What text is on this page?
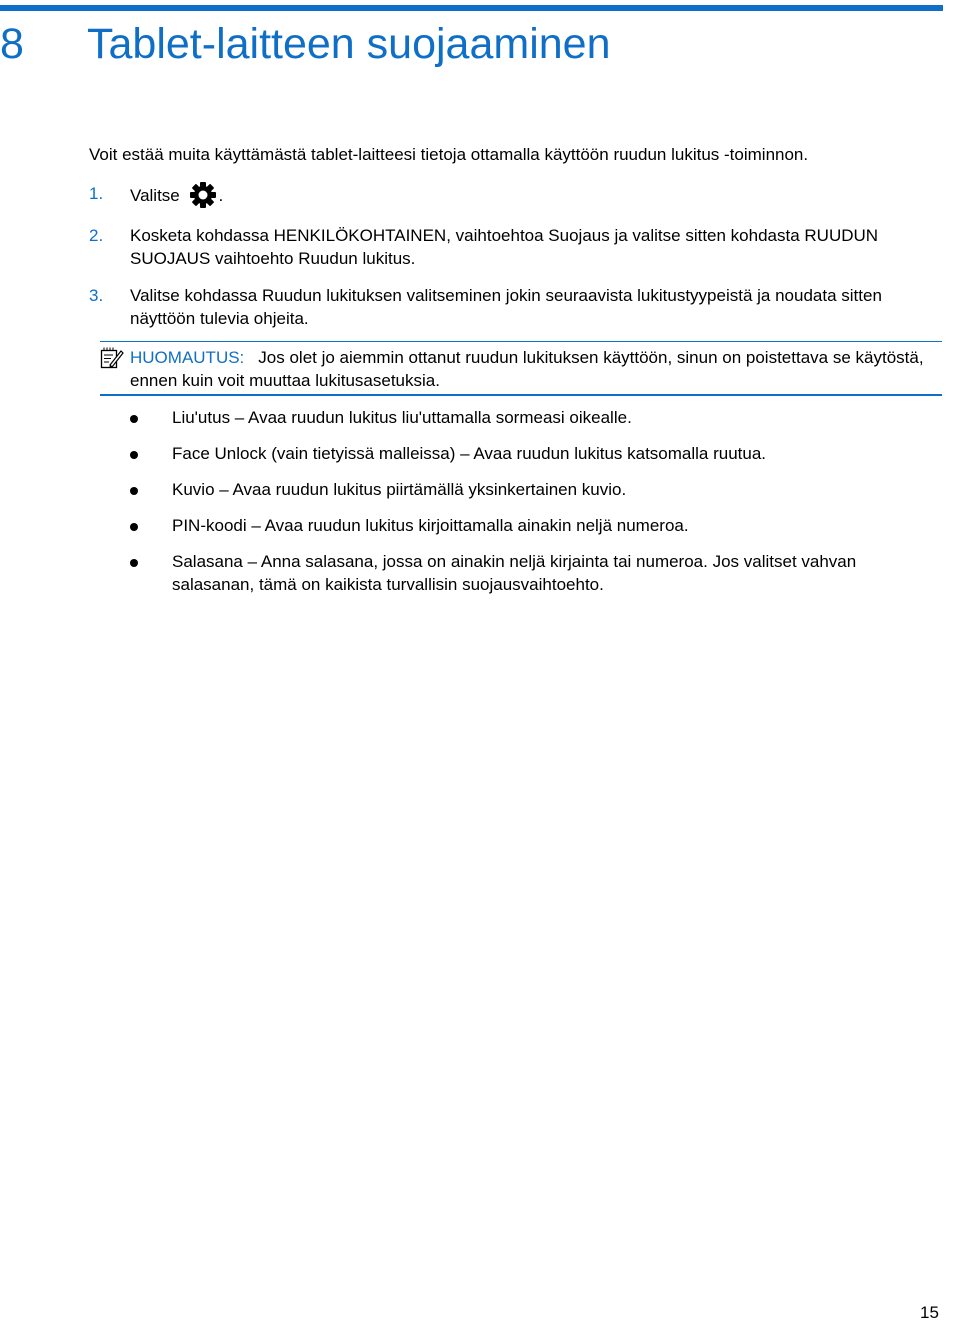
8 Tablet-laitteen suojaaminen

Voit estää muita käyttämästä tablet-laitteesi tietoja ottamalla käyttöön ruudun lukitus -toiminnon.

1. Valitse .
2. Kosketa kohdassa HENKILÖKOHTAINEN, vaihtoehtoa Suojaus ja valitse sitten kohdasta RUUDUN SUOJAUS vaihtoehto Ruudun lukitus.
3. Valitse kohdassa Ruudun lukituksen valitseminen jokin seuraavista lukitustyypeistä ja noudata sitten näyttöön tulevia ohjeita.
HUOMAUTUS: Jos olet jo aiemmin ottanut ruudun lukituksen käyttöön, sinun on poistettava se käytöstä, ennen kuin voit muuttaa lukitusasetuksia.
Liu'utus – Avaa ruudun lukitus liu'uttamalla sormeasi oikealle.
Face Unlock (vain tietyissä malleissa) – Avaa ruudun lukitus katsomalla ruutua.
Kuvio – Avaa ruudun lukitus piirtämällä yksinkertainen kuvio.
PIN-koodi – Avaa ruudun lukitus kirjoittamalla ainakin neljä numeroa.
Salasana – Anna salasana, jossa on ainakin neljä kirjainta tai numeroa. Jos valitset vahvan salasanan, tämä on kaikista turvallisin suojausvaihtoehto.
15
